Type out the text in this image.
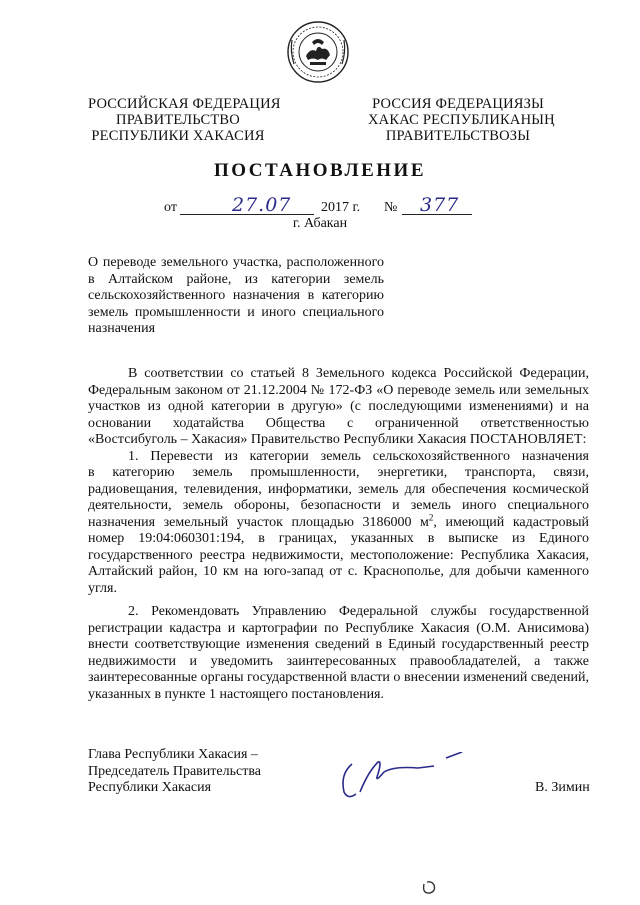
РОССИЙСКАЯ ФЕДЕРАЦИЯ
ПРАВИТЕЛЬСТВО
РЕСПУБЛИКИ ХАКАСИЯ
РОССИЯ ФЕДЕРАЦИЯЗЫ
ХАКАС РЕСПУБЛИКАНЫҢ
ПРАВИТЕЛЬСТВОЗЫ
ПОСТАНОВЛЕНИЕ
от	27.07 2017 г. № 377
г. Абакан
О переводе земельного участка, расположенного
в Алтайском районе, из категории земель
сельскохозяйственного назначения в категорию
земель промышленности и иного специального
назначения
В соответствии со статьей 8 Земельного кодекса Российской Федерации,
Федеральным законом от 21.12.2004 № 172-ФЗ «О переводе земель или земельных
участков из одной категории в другую» (с последующими изменениями) и на
основании ходатайства Общества с ограниченной ответственностью
«Востсибуголь – Хакасия» Правительство Республики Хакасия ПОСТАНОВЛЯЕТ:
1. Перевести из категории земель сельскохозяйственного назначения
в категорию земель промышленности, энергетики, транспорта, связи,
радиовещания, телевидения, информатики, земель для обеспечения космической
деятельности, земель обороны, безопасности и земель иного специального
назначения земельный участок площадью 3186000 $м^2$, имеющий кадастровый
номер 19:04:060301:194, в границах, указанных в выписке из Единого
государственного реестра недвижимости, местоположение: Республика Хакасия,
Алтайский район, 10 км на юго-запад от с. Краснополье, для добычи каменного
угля.
2. Рекомендовать Управлению Федеральной службы государственной
регистрации кадастра и картографии по Республике Хакасия (О.М. Анисимова)
внести соответствующие изменения сведений в Единый государственный реестр
недвижимости и уведомить заинтересованных правообладателей, а также
заинтересованные органы государственной власти о внесении изменений сведений,
указанных в пункте 1 настоящего постановления.
Глава Республики Хакасия –
Председатель Правительства
Республики Хакасия	В. Зимин
